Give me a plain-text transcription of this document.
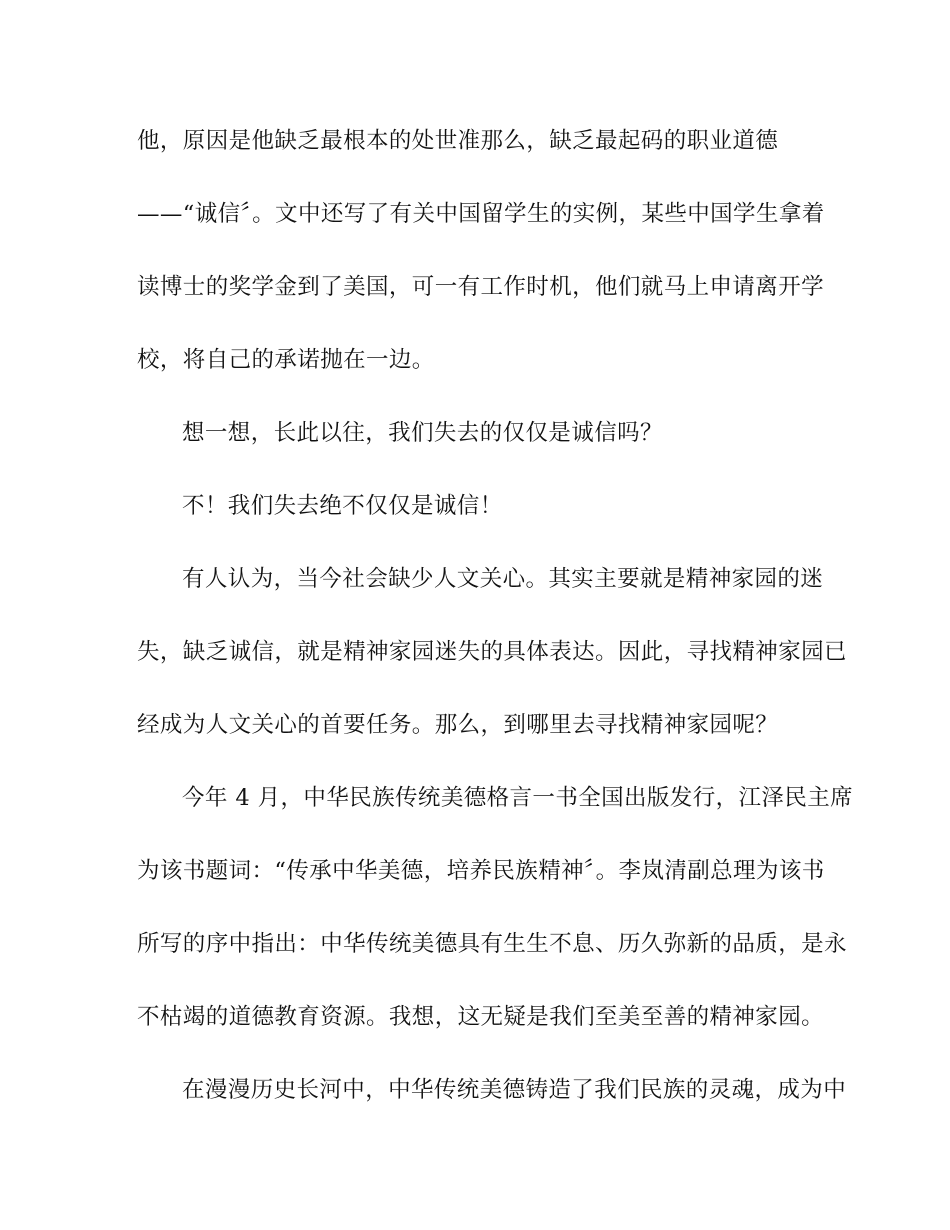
他，原因是他缺乏最根本的处世准那么，缺乏最起码的职业道德
——“诚信〞。文中还写了有关中国留学生的实例，某些中国学生拿着
读博士的奖学金到了美国，可一有工作时机，他们就马上申请离开学
校，将自己的承诺抛在一边。
想一想，长此以往，我们失去的仅仅是诚信吗？
不！我们失去绝不仅仅是诚信！
有人认为，当今社会缺少人文关心。其实主要就是精神家园的迷
失，缺乏诚信，就是精神家园迷失的具体表达。因此，寻找精神家园已
经成为人文关心的首要任务。那么，到哪里去寻找精神家园呢？
今年 4 月，中华民族传统美德格言一书全国出版发行，江泽民主席
为该书题词：“传承中华美德，培养民族精神〞。李岚清副总理为该书
所写的序中指出：中华传统美德具有生生不息、历久弥新的品质，是永
不枯竭的道德教育资源。我想，这无疑是我们至美至善的精神家园。
在漫漫历史长河中，中华传统美德铸造了我们民族的灵魂，成为中
